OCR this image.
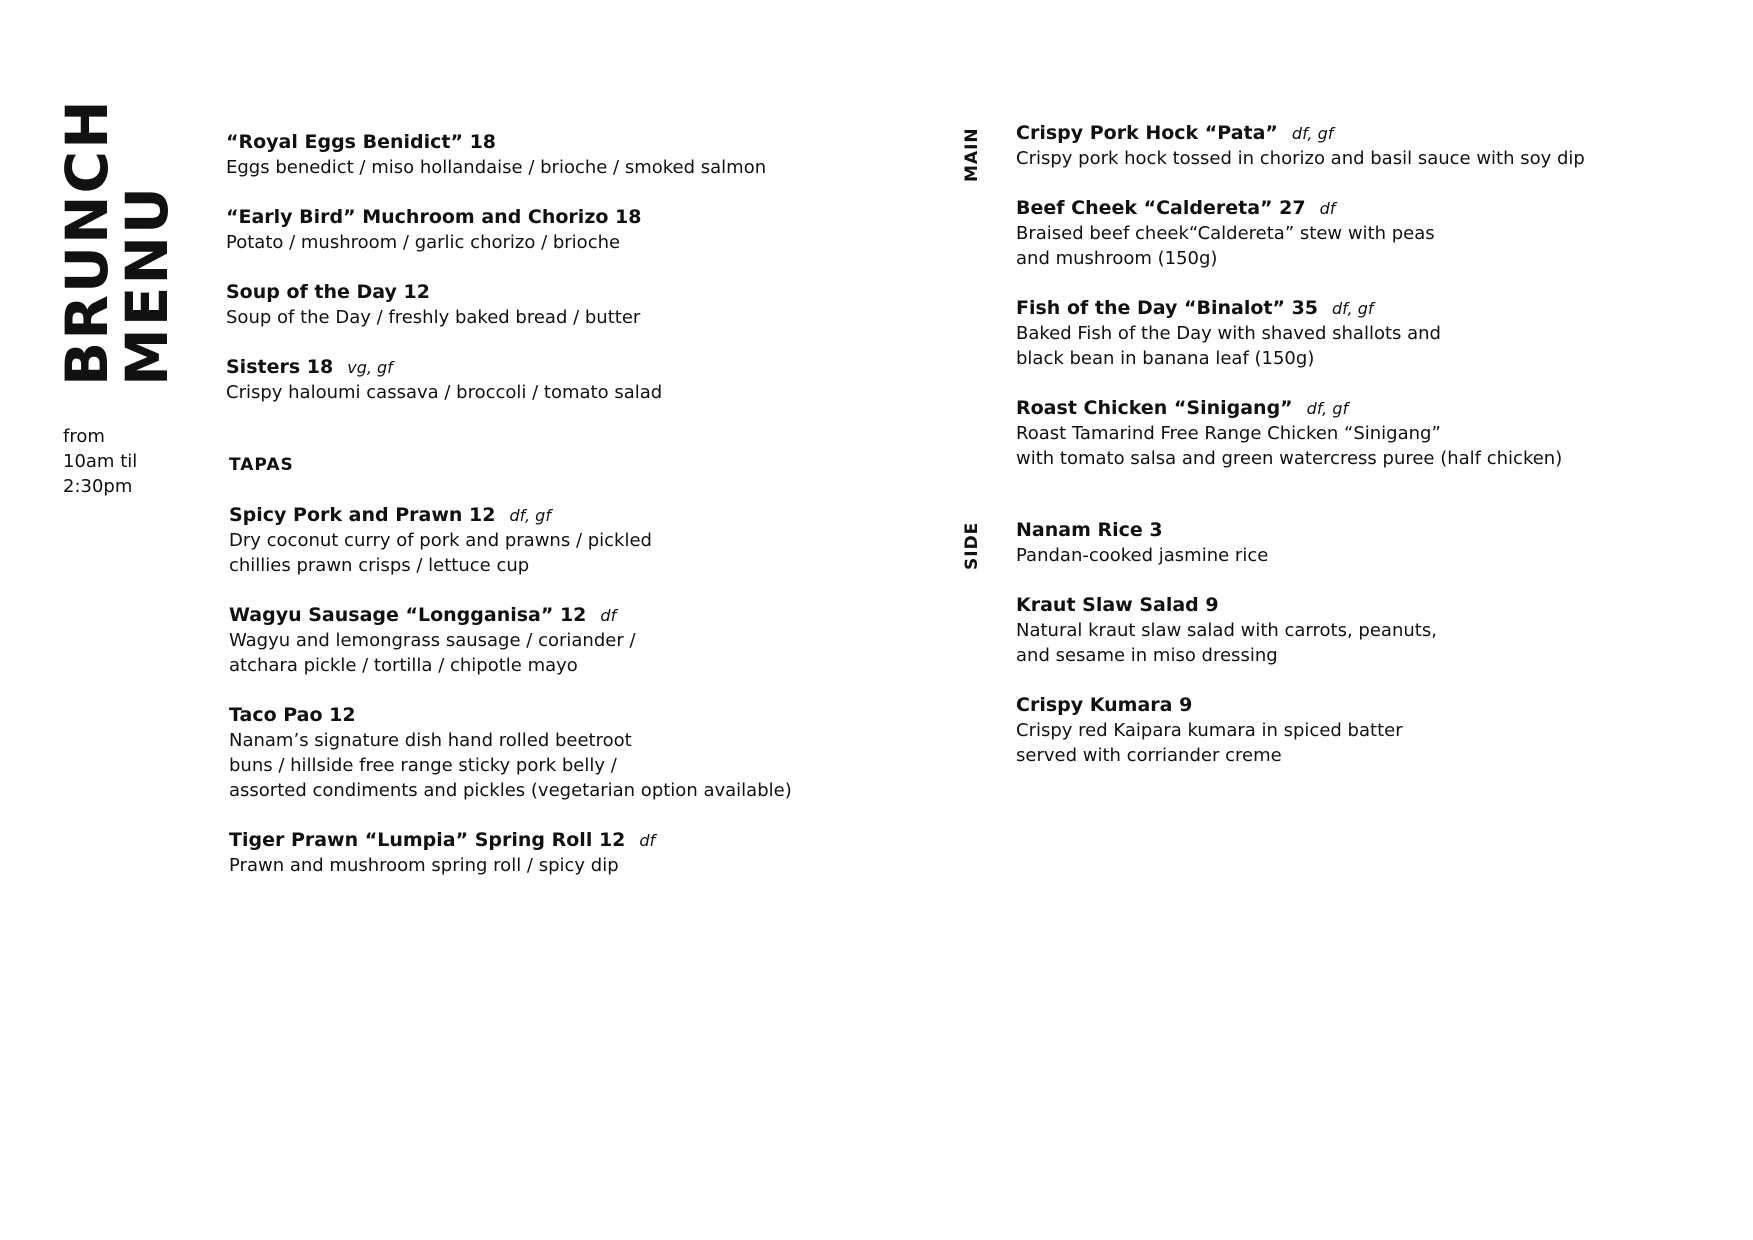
BRUNCH
MENU
from
10am til
2:30pm
“Royal Eggs Benidict” 18
Eggs benedict / miso hollandaise / brioche / smoked salmon
“Early Bird” Muchroom and Chorizo 18
Potato / mushroom / garlic chorizo / brioche
Soup of the Day 12
Soup of the Day / freshly baked bread / butter
Sisters 18 vg, gf
Crispy haloumi cassava / broccoli / tomato salad
TAPAS
Spicy Pork and Prawn 12 df, gf
Dry coconut curry of pork and prawns / pickled
chillies prawn crisps / lettuce cup
Wagyu Sausage “Longganisa” 12 df
Wagyu and lemongrass sausage / coriander /
atchara pickle / tortilla / chipotle mayo
Taco Pao 12
Nanam’s signature dish hand rolled beetroot
buns / hillside free range sticky pork belly /
assorted condiments and pickles (vegetarian option available)
Tiger Prawn “Lumpia” Spring Roll 12 df
Prawn and mushroom spring roll / spicy dip
MAIN
SIDE
Crispy Pork Hock “Pata” df, gf
Crispy pork hock tossed in chorizo and basil sauce with soy dip
Beef Cheek “Caldereta” 27 df
Braised beef cheek“Caldereta” stew with peas
and mushroom (150g)
Fish of the Day “Binalot” 35 df, gf
Baked Fish of the Day with shaved shallots and
black bean in banana leaf (150g)
Roast Chicken “Sinigang” df, gf
Roast Tamarind Free Range Chicken “Sinigang”
with tomato salsa and green watercress puree (half chicken)
Nanam Rice 3
Pandan-cooked jasmine rice
Kraut Slaw Salad 9
Natural kraut slaw salad with carrots, peanuts,
and sesame in miso dressing
Crispy Kumara 9
Crispy red Kaipara kumara in spiced batter
served with corriander creme
